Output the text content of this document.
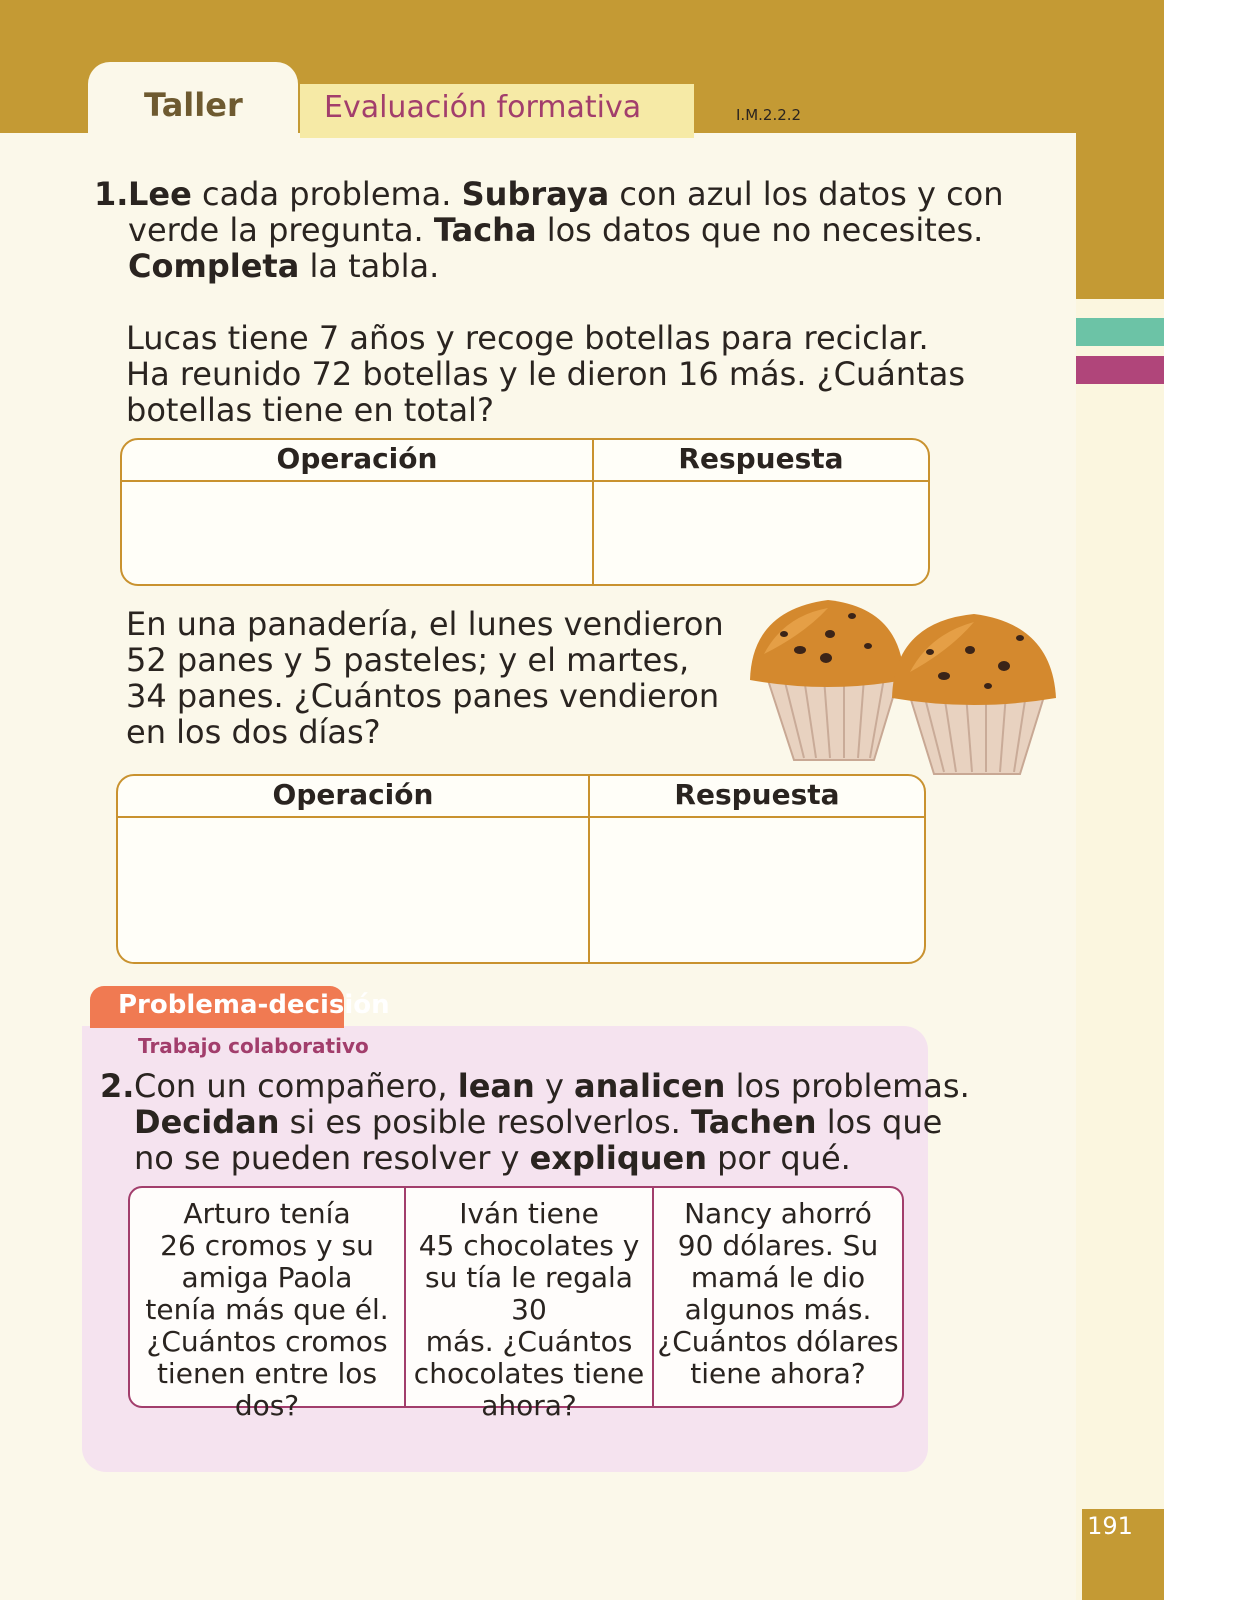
Taller	Evaluación formativa	I.M.2.2.2
1. Lee cada problema. Subraya con azul los datos y con
verde la pregunta. Tacha los datos que no necesites.
Completa la tabla.
Lucas tiene 7 años y recoge botellas para reciclar.
Ha reunido 72 botellas y le dieron 16 más. ¿Cuántas
botellas tiene en total?
Operación	Respuesta
En una panadería, el lunes vendieron
52 panes y 5 pasteles; y el martes,
34 panes. ¿Cuántos panes vendieron
en los dos días?
Operación	Respuesta
Problema-decisión
Trabajo colaborativo
2. Con un compañero, lean y analicen los problemas.
Decidan si es posible resolverlos. Tachen los que
no se pueden resolver y expliquen por qué.
Arturo tenía
26 cromos y su
amiga Paola
tenía más que él.
¿Cuántos cromos
tienen entre los dos?
Iván tiene
45 chocolates y
su tía le regala 30
más. ¿Cuántos
chocolates tiene
ahora?
Nancy ahorró
90 dólares. Su
mamá le dio
algunos más.
¿Cuántos dólares
tiene ahora?
191
